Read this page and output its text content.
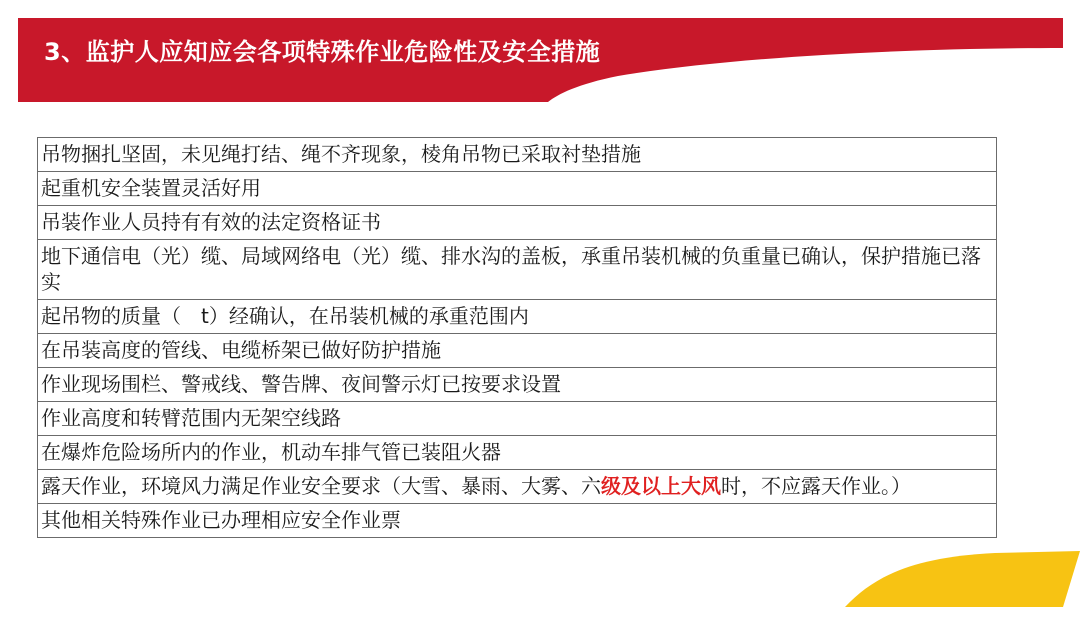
3、监护人应知应会各项特殊作业危险性及安全措施
吊物捆扎坚固，未见绳打结、绳不齐现象，棱角吊物已采取衬垫措施
起重机安全装置灵活好用
吊装作业人员持有有效的法定资格证书
地下通信电（光）缆、局域网络电（光）缆、排水沟的盖板，承重吊装机械的负重量已确认，保护措施已落实
起吊物的质量（　t）经确认，在吊装机械的承重范围内
在吊装高度的管线、电缆桥架已做好防护措施
作业现场围栏、警戒线、警告牌、夜间警示灯已按要求设置
作业高度和转臂范围内无架空线路
在爆炸危险场所内的作业，机动车排气管已装阻火器
露天作业，环境风力满足作业安全要求（大雪、暴雨、大雾、六级及以上大风时，不应露天作业。）
其他相关特殊作业已办理相应安全作业票
